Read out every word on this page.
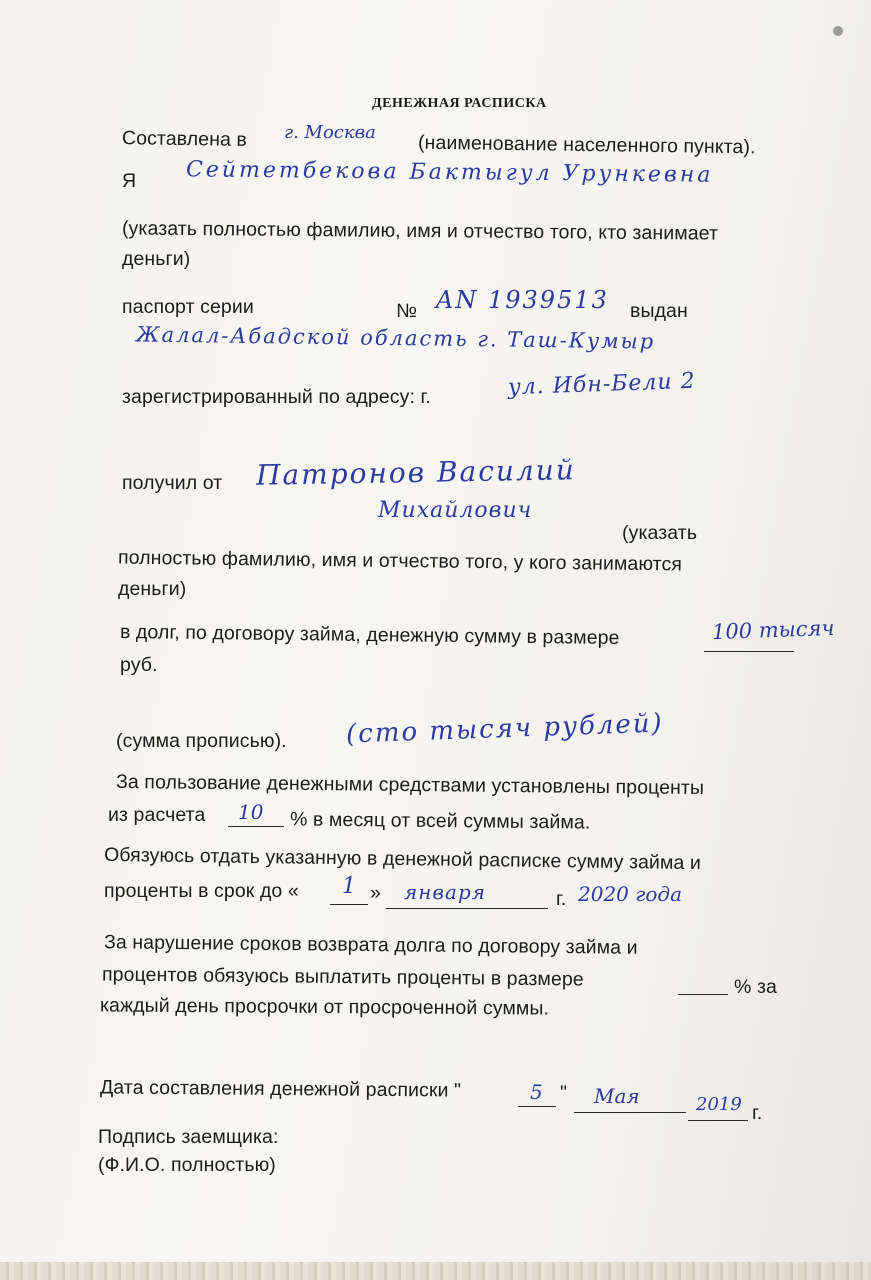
ДЕНЕЖНАЯ РАСПИСКА
Составлена в г. Москва (наименование населенного пункта).
Я Сейтетбекова Бактыгул Урункевна
(указать полностью фамилию, имя и отчество того, кто занимает
деньги)
паспорт серии	№ AN 1939513 выдан
Жалал-Абадской область г. Таш-Кумыр
зарегистрированный по адресу: г.	ул. Ибн-Бели 2
получил от Патронов Василий
Михайлович
(указать
полностью фамилию, имя и отчество того, у кого занимаются
деньги)
в долг, по договору займа, денежную сумму в размере	100 тысяч
руб.
(сумма прописью). (сто тысяч рублей)
За пользование денежными средствами установлены проценты
из расчета 10 % в месяц от всей суммы займа.
Обязуюсь отдать указанную в денежной расписке сумму займа и
проценты в срок до « 1 » января	г. 2020 года
За нарушение сроков возврата долга по договору займа и
процентов обязуюсь выплатить проценты в размере	% за
каждый день просрочки от просроченной суммы.
Дата составления денежной расписки "	5 " Мая	2019 г.
Подпись заемщика:
(Ф.И.О. полностью)
